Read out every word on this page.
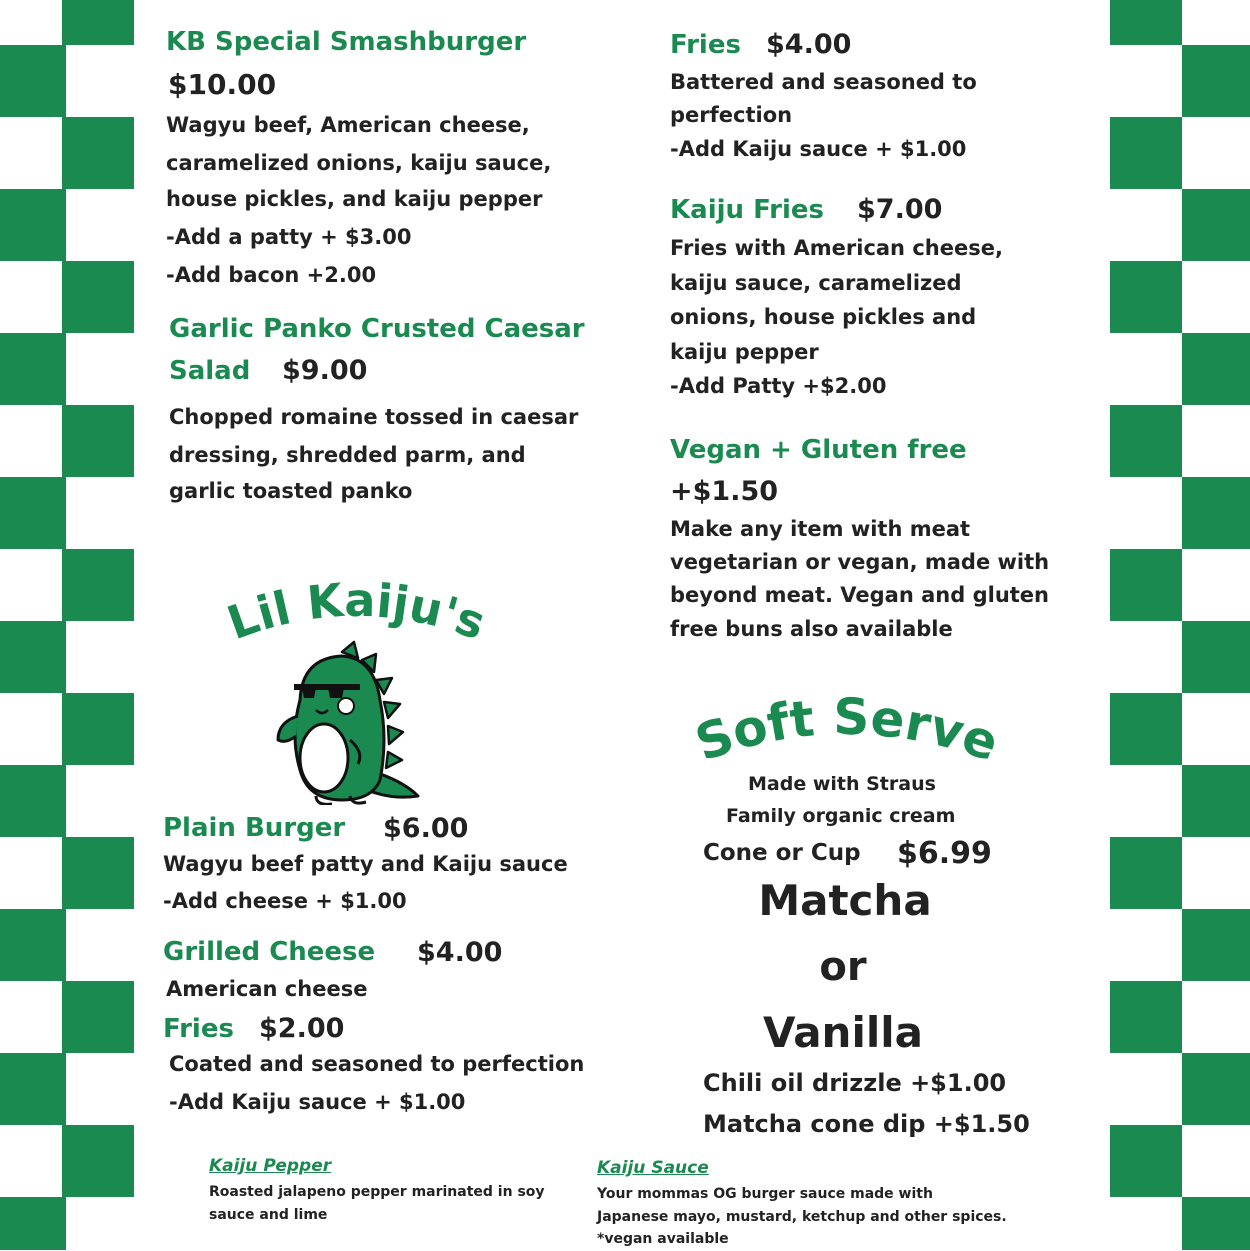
KB Special Smashburger
$10.00
Wagyu beef, American cheese,
caramelized onions, kaiju sauce,
house pickles, and kaiju pepper
-Add a patty + $3.00
-Add bacon +2.00
Garlic Panko Crusted Caesar
Salad $9.00
Chopped romaine tossed in caesar
dressing, shredded parm, and
garlic toasted panko
Fries $4.00
Battered and seasoned to
perfection
-Add Kaiju sauce + $1.00
Kaiju Fries $7.00
Fries with American cheese,
kaiju sauce, caramelized
onions, house pickles and
kaiju pepper
-Add Patty +$2.00
Vegan + Gluten free
+$1.50
Make any item with meat
vegetarian or vegan, made with
beyond meat. Vegan and gluten
free buns also available
Lil Kaiju's
Plain Burger $6.00
Wagyu beef patty and Kaiju sauce
-Add cheese + $1.00
Grilled Cheese $4.00
American cheese
Fries $2.00
Coated and seasoned to perfection
-Add Kaiju sauce + $1.00
Soft Serve
Made with Straus
Family organic cream
Cone or Cup $6.99
Matcha
or
Vanilla
Chili oil drizzle +$1.00
Matcha cone dip +$1.50
Kaiju Pepper
Roasted jalapeno pepper marinated in soy
sauce and lime
Kaiju Sauce
Your mommas OG burger sauce made with
Japanese mayo, mustard, ketchup and other spices.
*vegan available
